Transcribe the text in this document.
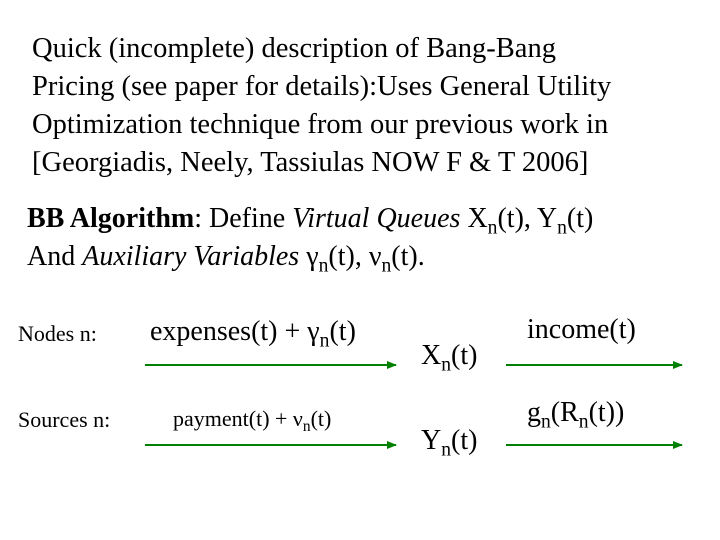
Quick (incomplete) description of Bang-Bang
Pricing (see paper for details):Uses General Utility
Optimization technique from our previous work in
[Georgiadis, Neely, Tassiulas NOW F & T 2006]
BB Algorithm: Define Virtual Queues $X_n(t)$, $Y_n(t)$
And Auxiliary Variables $\gamma_n(t)$, $\nu_n(t)$.
Nodes n:
Sources n:
expenses(t) + $\gamma_n(t)$
payment(t) + $\nu_n(t)$
$X_n(t)$
$Y_n(t)$
income(t)
$g_n(R_n(t))$
